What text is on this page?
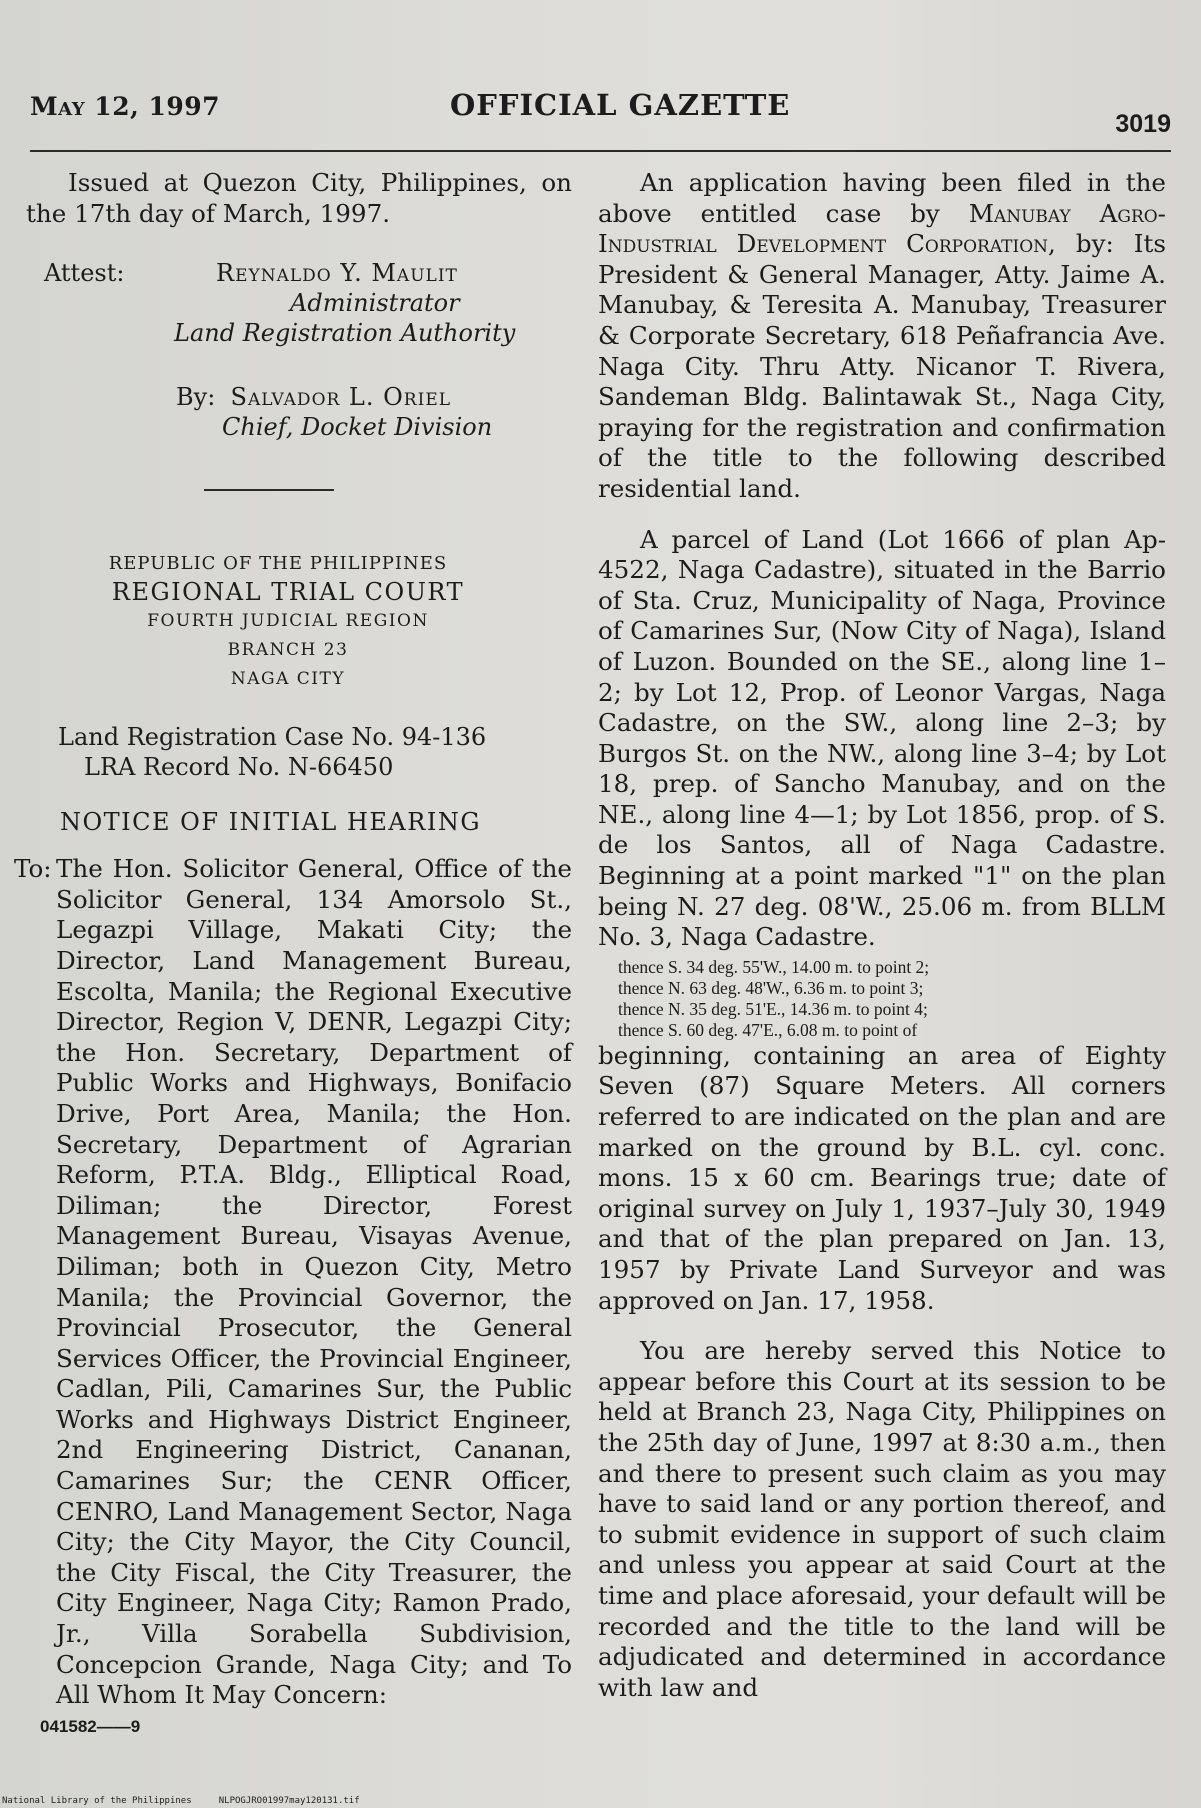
May 12, 1997	OFFICIAL GAZETTE
3019

Issued at Quezon City, Philippines, on the 17th day of March, 1997.

Attest:	Reynaldo Y. Maulit
Administrator
Land Registration Authority
By: Salvador L. Oriel
Chief, Docket Division
REPUBLIC OF THE PHILIPPINES
REGIONAL TRIAL COURT
FOURTH JUDICIAL REGION
BRANCH 23
NAGA CITY
Land Registration Case No. 94-136
LRA Record No. N-66450
NOTICE OF INITIAL HEARING
To: The Hon. Solicitor General, Office of the Solicitor General, 134 Amorsolo St., Legazpi Village, Makati City; the Director, Land Management Bureau, Escolta, Manila; the Regional Executive Director, Region V, DENR, Legazpi City; the Hon. Secretary, Department of Public Works and Highways, Bonifacio Drive, Port Area, Manila; the Hon. Secretary, Department of Agrarian Reform, P.T.A. Bldg., Elliptical Road, Diliman; the Director, Forest Management Bureau, Visayas Avenue, Diliman; both in Quezon City, Metro Manila; the Provincial Governor, the Provincial Prosecutor, the General Services Officer, the Provincial Engineer, Cadlan, Pili, Camarines Sur, the Public Works and Highways District Engineer, 2nd Engineering District, Cananan, Camarines Sur; the CENR Officer, CENRO, Land Management Sector, Naga City; the City Mayor, the City Council, the City Fiscal, the City Treasurer, the City Engineer, Naga City; Ramon Prado, Jr., Villa Sorabella Subdivision, Concepcion Grande, Naga City; and To All Whom It May Concern:

041582——9

An application having been filed in the above entitled case by Manubay Agro-Industrial Development Corporation, by: Its President & General Manager, Atty. Jaime A. Manubay, & Teresita A. Manubay, Treasurer & Corporate Secretary, 618 Peñafrancia Ave. Naga City. Thru Atty. Nicanor T. Rivera, Sandeman Bldg. Balintawak St., Naga City, praying for the registration and confirmation of the title to the following described residential land.

A parcel of Land (Lot 1666 of plan Ap-4522, Naga Cadastre), situated in the Barrio of Sta. Cruz, Municipality of Naga, Province of Camarines Sur, (Now City of Naga), Island of Luzon. Bounded on the SE., along line 1–2; by Lot 12, Prop. of Leonor Vargas, Naga Cadastre, on the SW., along line 2–3; by Burgos St. on the NW., along line 3–4; by Lot 18, prep. of Sancho Manubay, and on the NE., along line 4—1; by Lot 1856, prop. of S. de los Santos, all of Naga Cadastre. Beginning at a point marked "1" on the plan being N. 27 deg. 08'W., 25.06 m. from BLLM No. 3, Naga Cadastre.

thence S. 34 deg. 55'W., 14.00 m. to point 2;
thence N. 63 deg. 48'W., 6.36 m. to point 3;
thence N. 35 deg. 51'E., 14.36 m. to point 4;
thence S. 60 deg. 47'E., 6.08 m. to point of

beginning, containing an area of Eighty Seven (87) Square Meters. All corners referred to are indicated on the plan and are marked on the ground by B.L. cyl. conc. mons. 15 x 60 cm. Bearings true; date of original survey on July 1, 1937–July 30, 1949 and that of the plan prepared on Jan. 13, 1957 by Private Land Surveyor and was approved on Jan. 17, 1958.

You are hereby served this Notice to appear before this Court at its session to be held at Branch 23, Naga City, Philippines on the 25th day of June, 1997 at 8:30 a.m., then and there to present such claim as you may have to said land or any portion thereof, and to submit evidence in support of such claim and unless you appear at said Court at the time and place aforesaid, your default will be recorded and the title to the land will be adjudicated and determined in accordance with law and

National Library of the Philippines     NLPOGJRO01997may120131.tif
